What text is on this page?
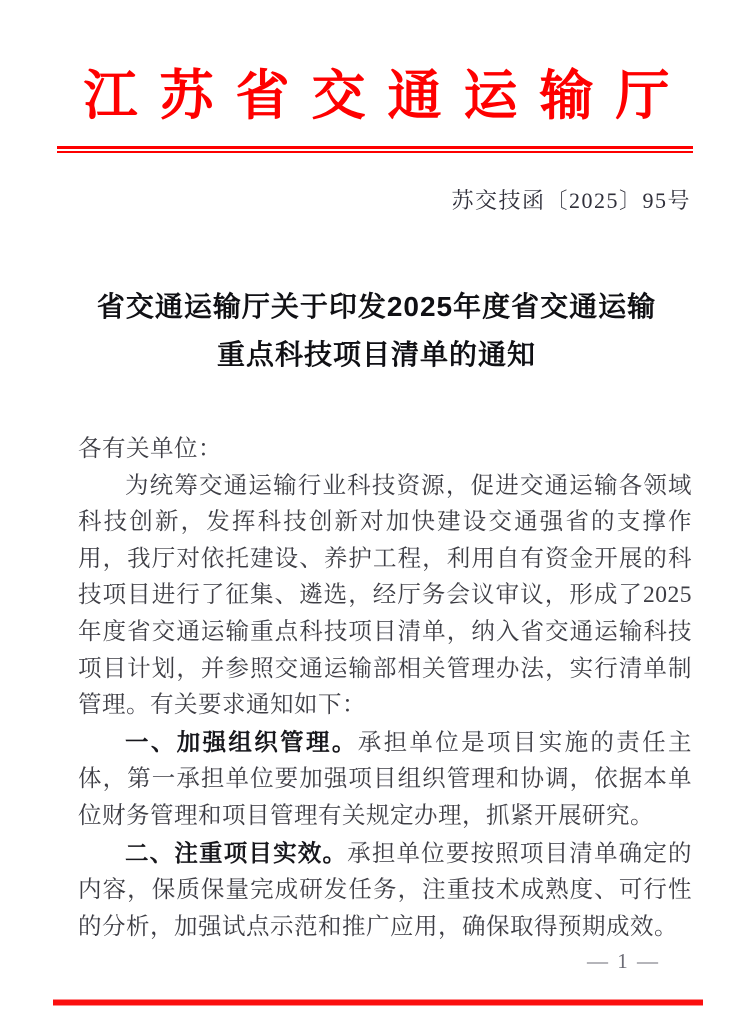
江苏省交通运输厅
苏交技函〔2025〕95号
省交通运输厅关于印发2025年度省交通运输
重点科技项目清单的通知

各有关单位：

为统筹交通运输行业科技资源，促进交通运输各领域科技创新，发挥科技创新对加快建设交通强省的支撑作用，我厅对依托建设、养护工程，利用自有资金开展的科技项目进行了征集、遴选，经厅务会议审议，形成了2025年度省交通运输重点科技项目清单，纳入省交通运输科技项目计划，并参照交通运输部相关管理办法，实行清单制管理。有关要求通知如下：

一、加强组织管理。承担单位是项目实施的责任主体，第一承担单位要加强项目组织管理和协调，依据本单位财务管理和项目管理有关规定办理，抓紧开展研究。

二、注重项目实效。承担单位要按照项目清单确定的内容，保质保量完成研发任务，注重技术成熟度、可行性的分析，加强试点示范和推广应用，确保取得预期成效。

— 1 —
